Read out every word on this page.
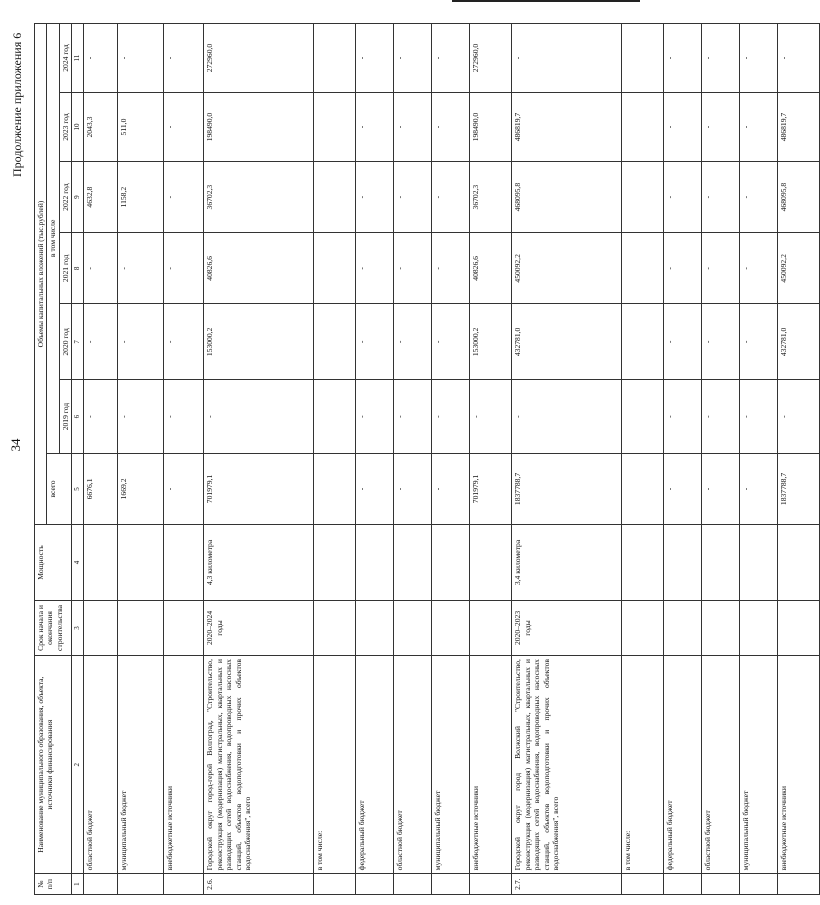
34
Продолжение приложения 6
№ п/п	Наименование муниципального образования, объекта, источники финансирования	Срок начала и окончания строительства	Мощность	Объемы капитальных вложений (тыс.рублей)						
				всего	в том числе					
					2019 год	2020 год	2021 год	2022 год	2023 год	2024 год
1	2	3	4	5	6	7	8	9	10	11
	областной бюджет			6676,1	-	-	-	4632,8	2043,3	-
	муниципальный бюджет			1669,2	-	-	-	1158,2	511,0	-
	внебюджетные источники			-	-	-	-	-	-	-
2.6.	Городской округ город-герой Волгоград, "Строительство, реконструкция (модернизация) магистральных, квартальных и разводящих сетей водоснабжения, водопроводных насосных станций, объектов водоподготовки и прочих объектов водоснабжения", всего	2020–2024 годы	4,3 километра	701979,1	-	153000,2	40826,6	36702,3	198490,0	272960,0
	в том числе:									
	федеральный бюджет			-	-	-	-	-	-	-
	областной бюджет			-	-	-	-	-	-	-
	муниципальный бюджет			-	-	-	-	-	-	-
	внебюджетные источники			701979,1	-	153000,2	40826,6	36702,3	198490,0	272960,0
2.7.	Городской округ город Волжский "Строительство, реконструкция (модернизация) магистральных, квартальных и разводящих сетей водоснабжения, водопроводных насосных станций, объектов водоподготовки и прочих объектов водоснабжения", всего	2020–2023 годы	3,4 километра	1837788,7	-	432781,0	450092,2	468095,8	486819,7	-
	в том числе:									
	федеральный бюджет			-	-	-	-	-	-	-
	областной бюджет			-	-	-	-	-	-	-
	муниципальный бюджет			-	-	-	-	-	-	-
	внебюджетные источники			1837788,7	-	432781,0	450092,2	468095,8	486819,7	-
